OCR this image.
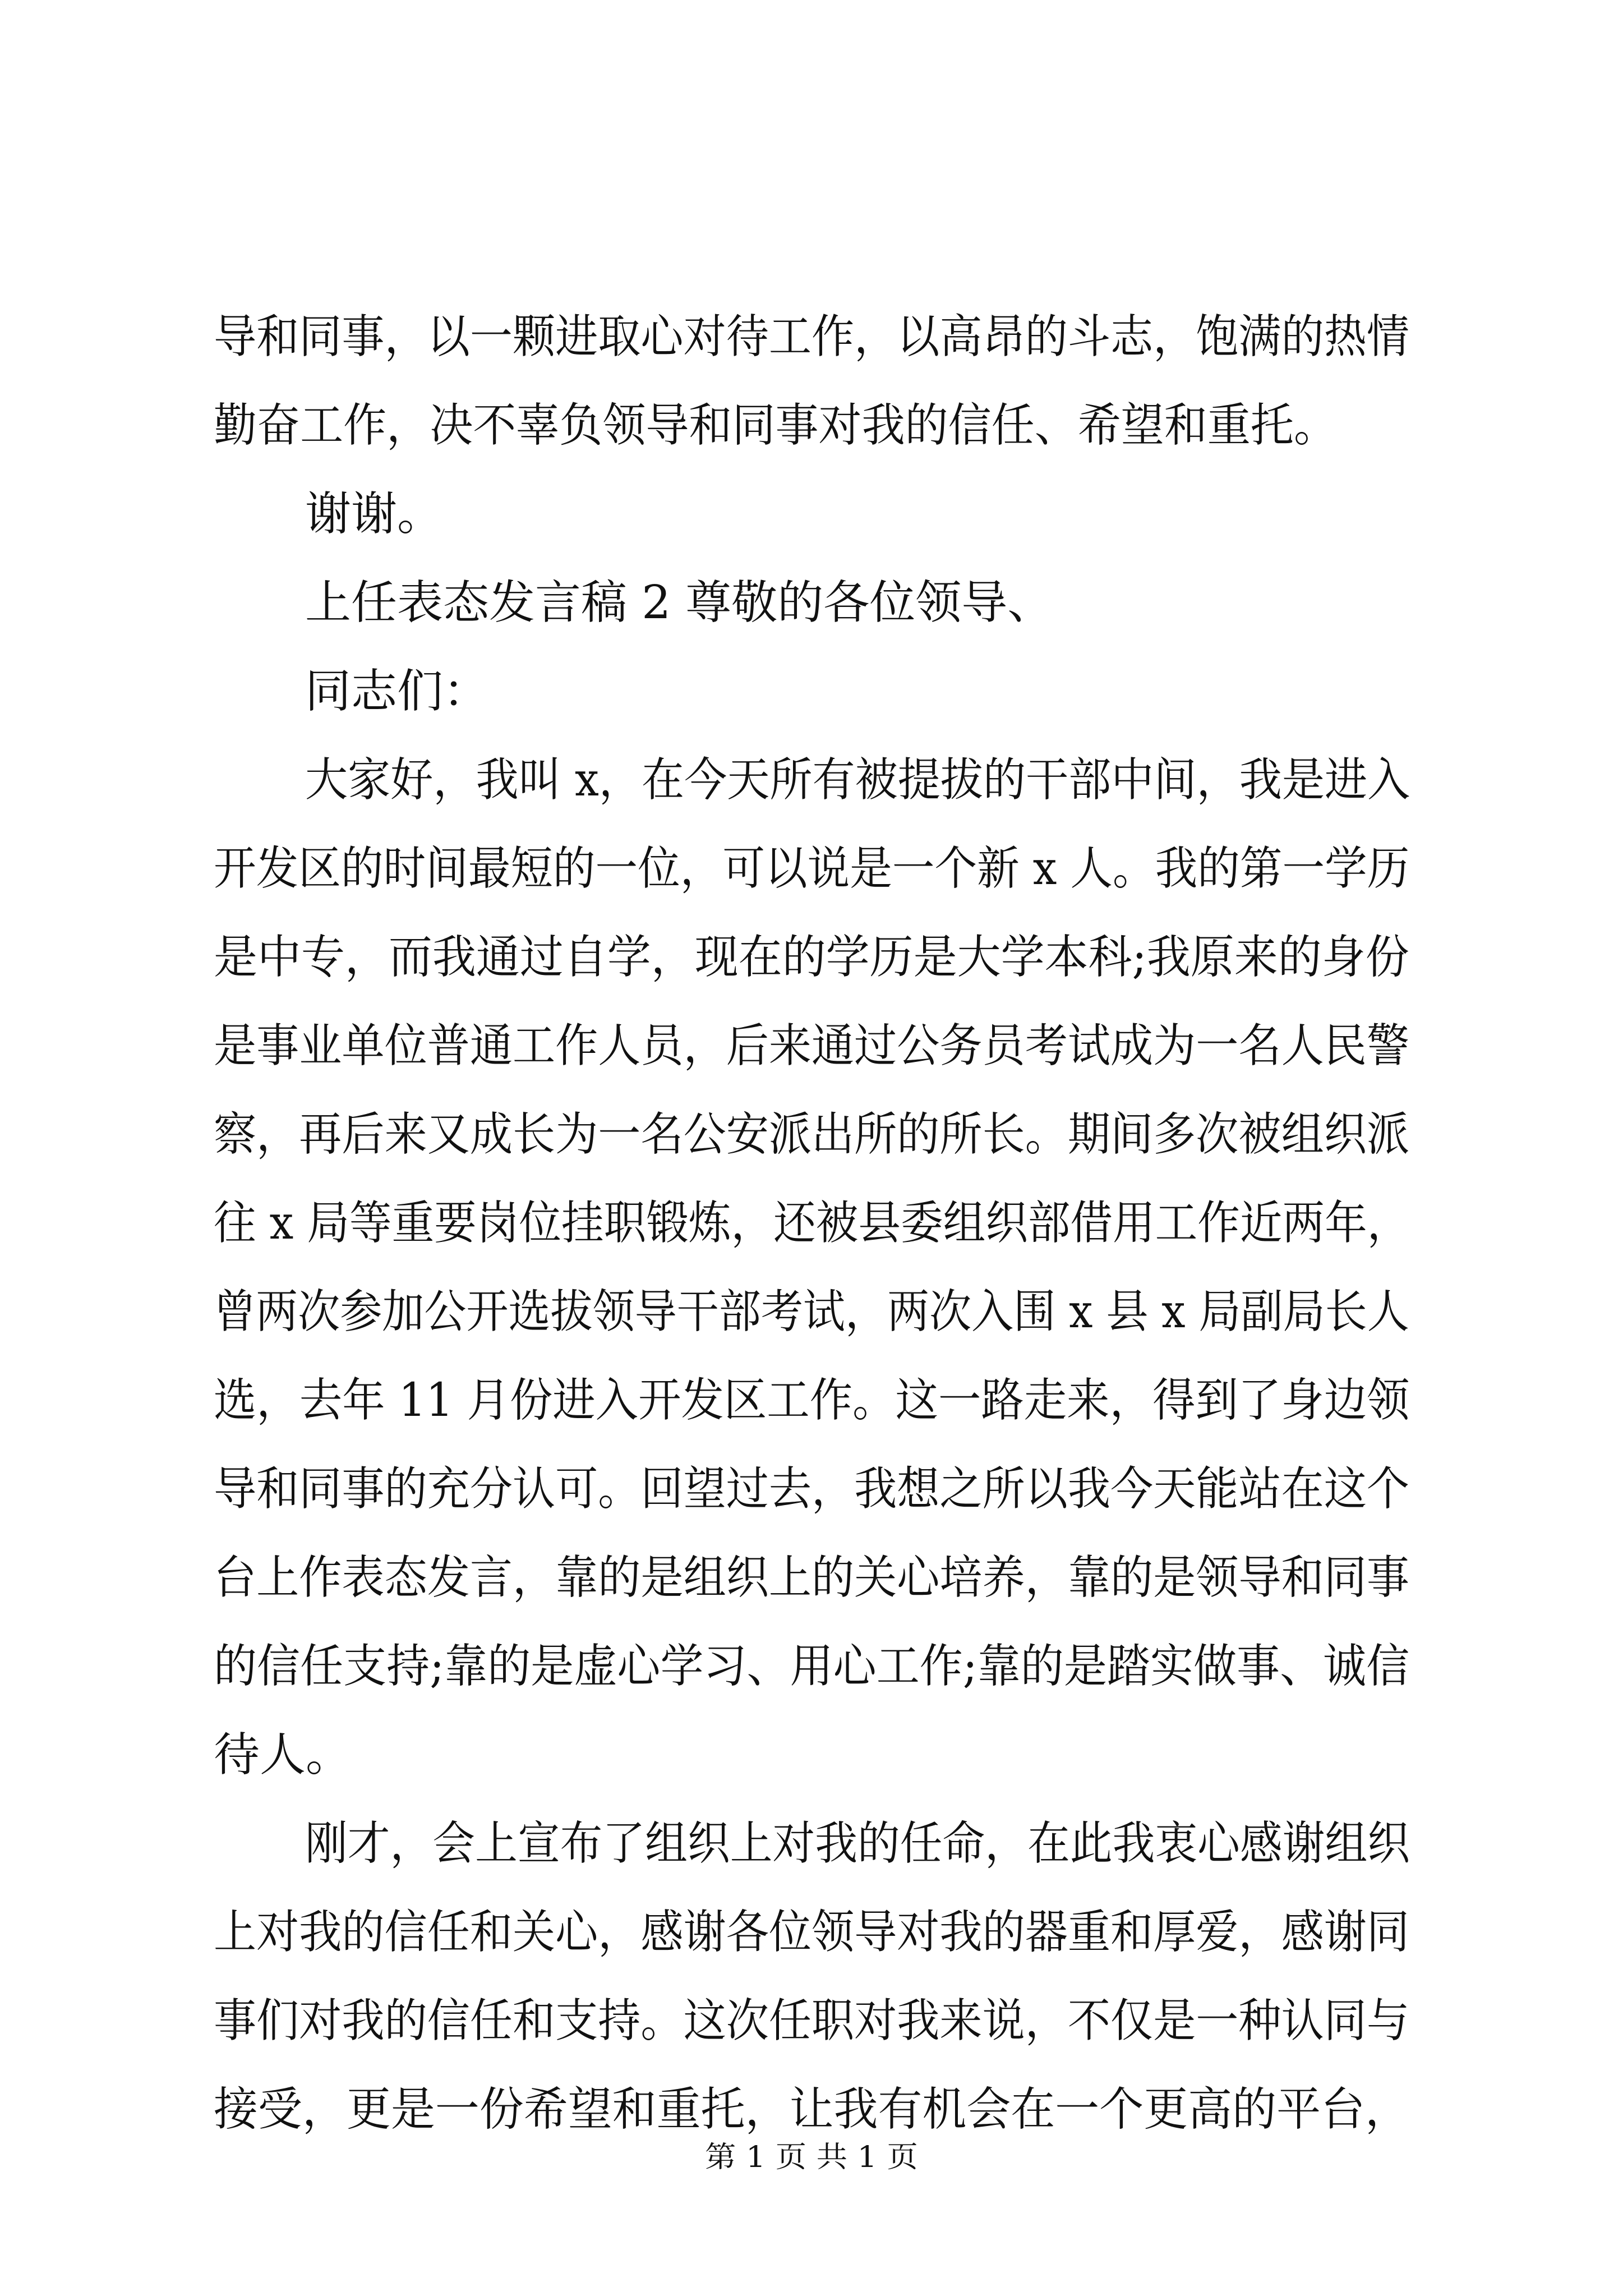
导和同事，以一颗进取心对待工作，以高昂的斗志，饱满的热情
勤奋工作，决不辜负领导和同事对我的信任、希望和重托。
谢谢。
上任表态发言稿 2 尊敬的各位领导、
同志们：
大家好，我叫 x，在今天所有被提拔的干部中间，我是进入
开发区的时间最短的一位，可以说是一个新 x 人。我的第一学历
是中专，而我通过自学，现在的学历是大学本科;我原来的身份
是事业单位普通工作人员，后来通过公务员考试成为一名人民警
察，再后来又成长为一名公安派出所的所长。期间多次被组织派
往 x 局等重要岗位挂职锻炼，还被县委组织部借用工作近两年，
曾两次参加公开选拔领导干部考试，两次入围 x 县 x 局副局长人
选，去年 11 月份进入开发区工作。这一路走来，得到了身边领
导和同事的充分认可。回望过去，我想之所以我今天能站在这个
台上作表态发言，靠的是组织上的关心培养，靠的是领导和同事
的信任支持;靠的是虚心学习、用心工作;靠的是踏实做事、诚信
待人。
刚才，会上宣布了组织上对我的任命，在此我衷心感谢组织
上对我的信任和关心，感谢各位领导对我的器重和厚爱，感谢同
事们对我的信任和支持。这次任职对我来说，不仅是一种认同与
接受，更是一份希望和重托，让我有机会在一个更高的平台，
第 1 页 共 1 页
